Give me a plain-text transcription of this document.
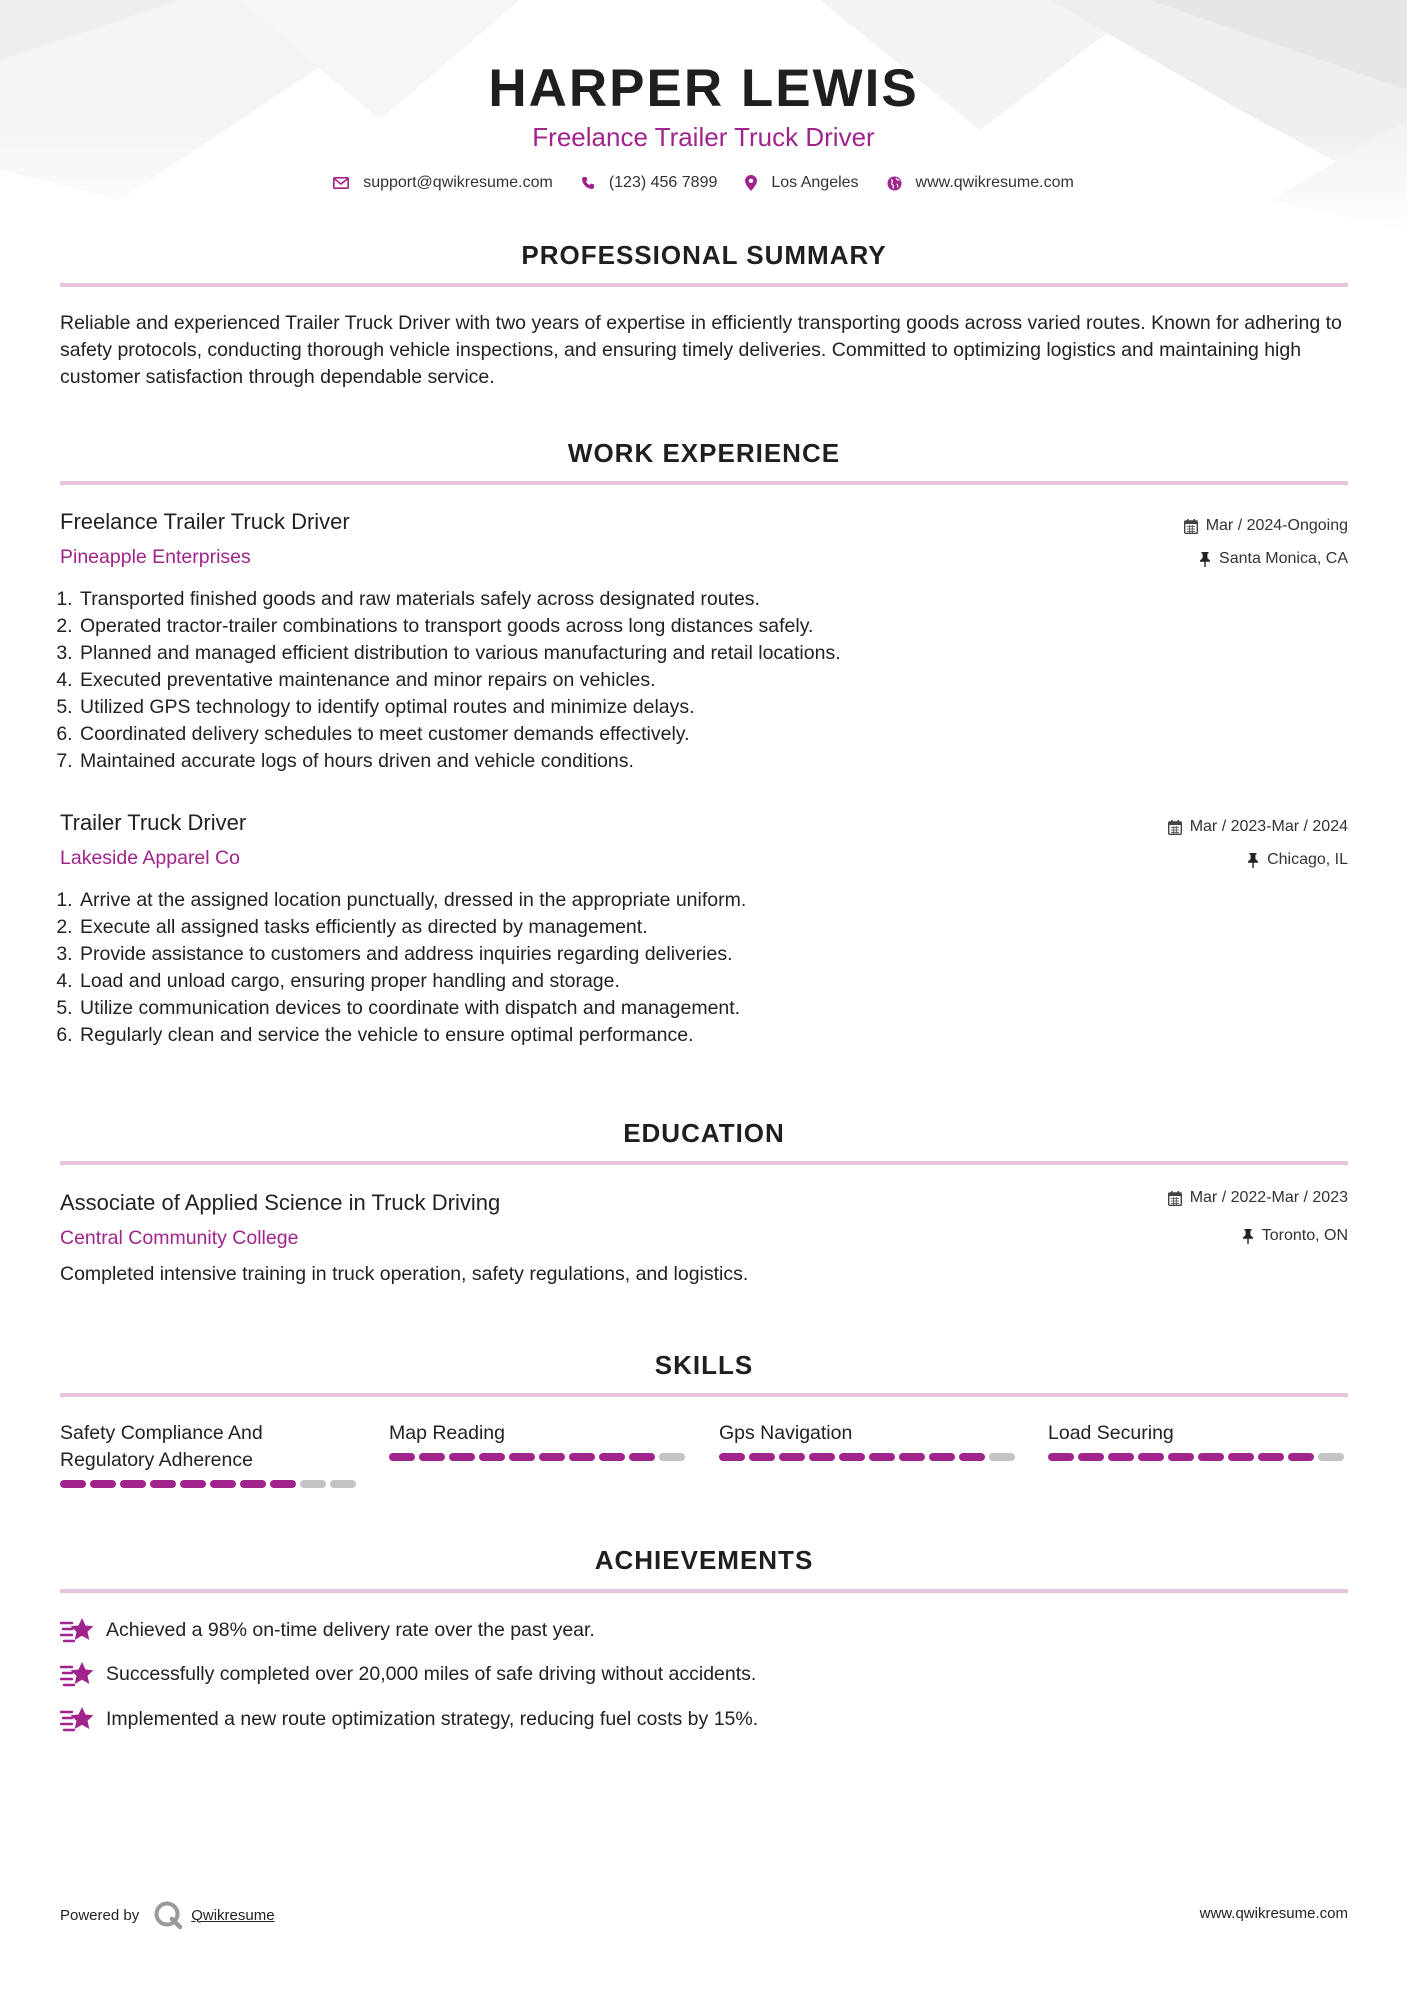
HARPER LEWIS
Freelance Trailer Truck Driver
support@qwikresume.com	(123) 456 7899	Los Angeles	www.qwikresume.com
PROFESSIONAL SUMMARY
Reliable and experienced Trailer Truck Driver with two years of expertise in efficiently transporting goods across varied routes. Known for adhering to safety protocols, conducting thorough vehicle inspections, and ensuring timely deliveries. Committed to optimizing logistics and maintaining high customer satisfaction through dependable service.
WORK EXPERIENCE
Freelance Trailer Truck Driver
Pineapple Enterprises
Mar / 2024-Ongoing
Santa Monica, CA
1. Transported finished goods and raw materials safely across designated routes.
2. Operated tractor-trailer combinations to transport goods across long distances safely.
3. Planned and managed efficient distribution to various manufacturing and retail locations.
4. Executed preventative maintenance and minor repairs on vehicles.
5. Utilized GPS technology to identify optimal routes and minimize delays.
6. Coordinated delivery schedules to meet customer demands effectively.
7. Maintained accurate logs of hours driven and vehicle conditions.
Trailer Truck Driver
Lakeside Apparel Co
Mar / 2023-Mar / 2024
Chicago, IL
1. Arrive at the assigned location punctually, dressed in the appropriate uniform.
2. Execute all assigned tasks efficiently as directed by management.
3. Provide assistance to customers and address inquiries regarding deliveries.
4. Load and unload cargo, ensuring proper handling and storage.
5. Utilize communication devices to coordinate with dispatch and management.
6. Regularly clean and service the vehicle to ensure optimal performance.
EDUCATION
Associate of Applied Science in Truck Driving
Central Community College
Mar / 2022-Mar / 2023
Toronto, ON
Completed intensive training in truck operation, safety regulations, and logistics.
SKILLS
Safety Compliance And Regulatory Adherence
Map Reading	Gps Navigation	Load Securing
ACHIEVEMENTS
Achieved a 98% on-time delivery rate over the past year.
Successfully completed over 20,000 miles of safe driving without accidents.
Implemented a new route optimization strategy, reducing fuel costs by 15%.
Powered by	Qwikresume	www.qwikresume.com
